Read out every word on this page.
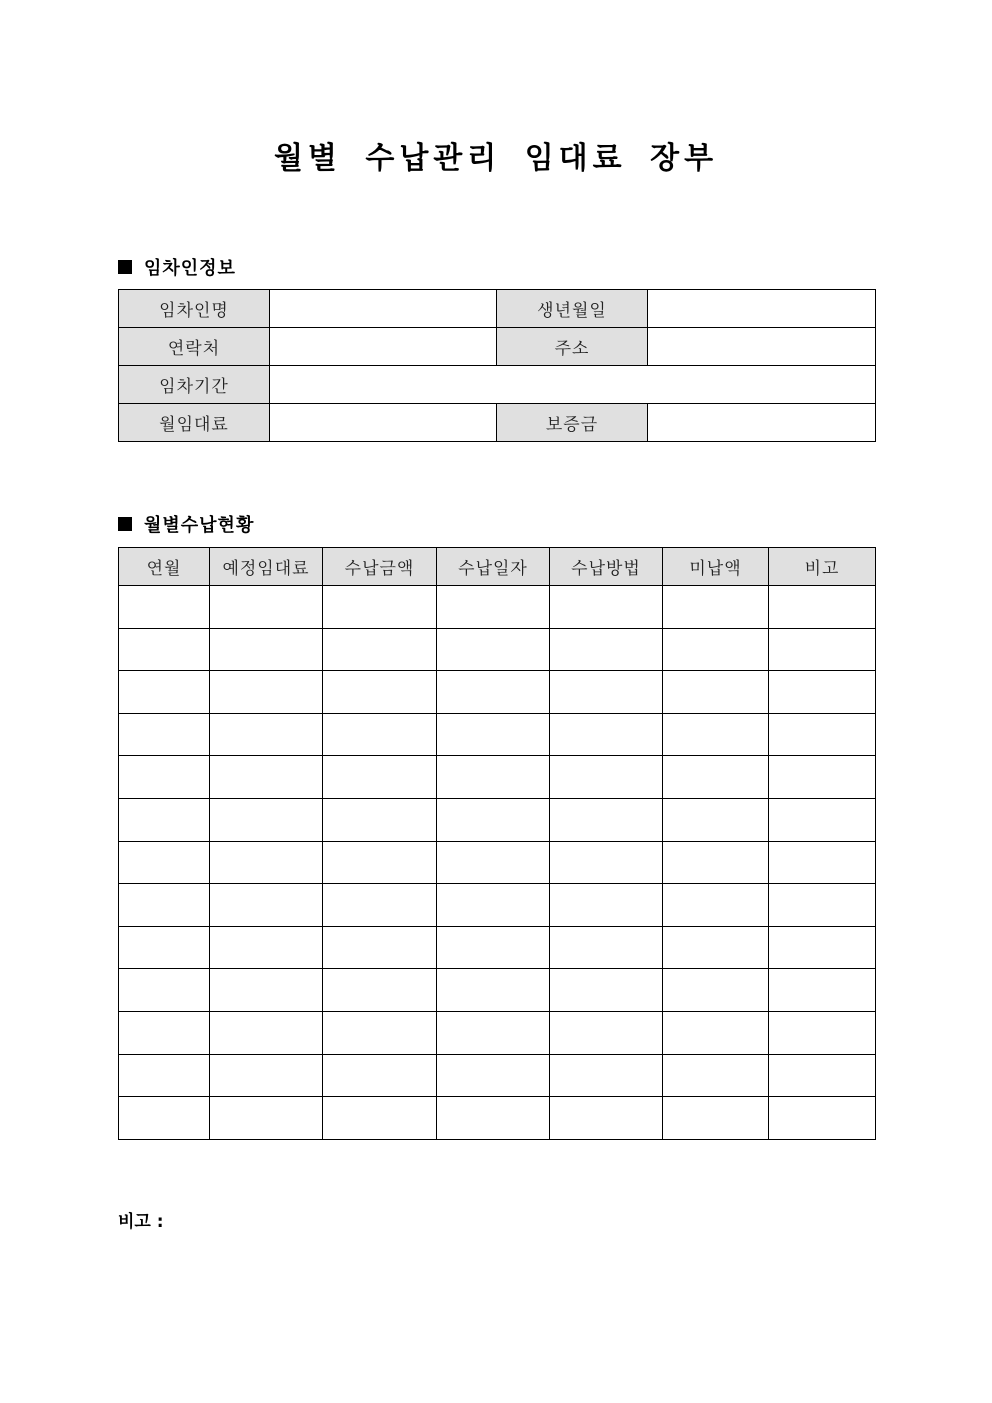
월별 수납관리 임대료 장부
임차인정보
임차인명		생년월일	
연락처		주소	
임차기간			
월임대료		보증금	
월별수납현황
연월	예정임대료	수납금액	수납일자	수납방법	미납액	비고

비고 :
